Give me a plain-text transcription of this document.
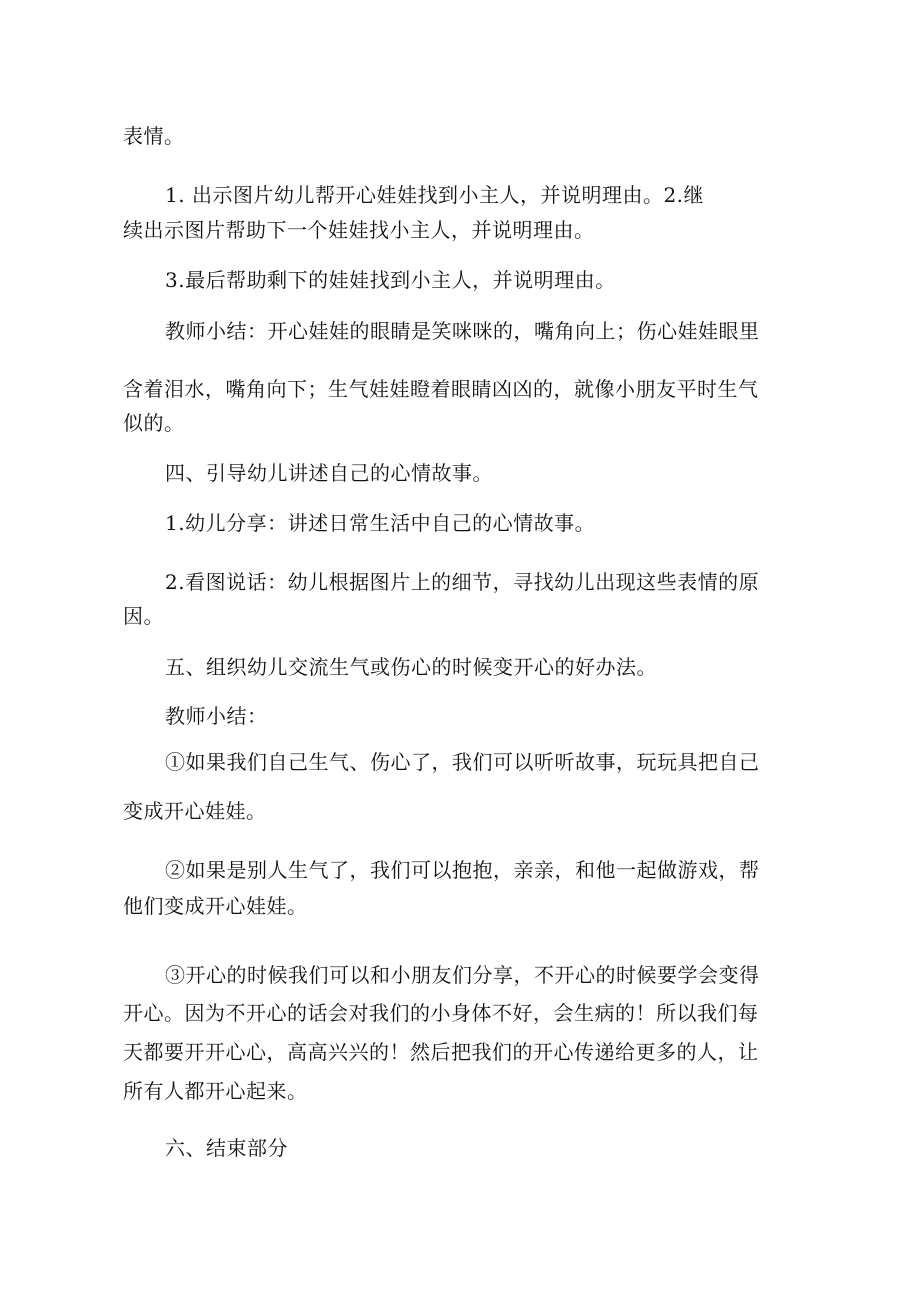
表情。
1. 出示图片幼儿帮开心娃娃找到小主人，并说明理由。2.继
续出示图片帮助下一个娃娃找小主人，并说明理由。
3.最后帮助剩下的娃娃找到小主人，并说明理由。
教师小结：开心娃娃的眼睛是笑咪咪的，嘴角向上；伤心娃娃眼里
含着泪水，嘴角向下；生气娃娃瞪着眼睛凶凶的，就像小朋友平时生气
似的。
四、引导幼儿讲述自己的心情故事。
1.幼儿分享：讲述日常生活中自己的心情故事。
2.看图说话：幼儿根据图片上的细节，寻找幼儿出现这些表情的原
因。
五、组织幼儿交流生气或伤心的时候变开心的好办法。
教师小结：
①如果我们自己生气、伤心了，我们可以听听故事，玩玩具把自己
变成开心娃娃。
②如果是别人生气了，我们可以抱抱，亲亲，和他一起做游戏，帮
他们变成开心娃娃。
③开心的时候我们可以和小朋友们分享，不开心的时候要学会变得
开心。因为不开心的话会对我们的小身体不好，会生病的！所以我们每
天都要开开心心，高高兴兴的！然后把我们的开心传递给更多的人，让
所有人都开心起来。
六、结束部分
